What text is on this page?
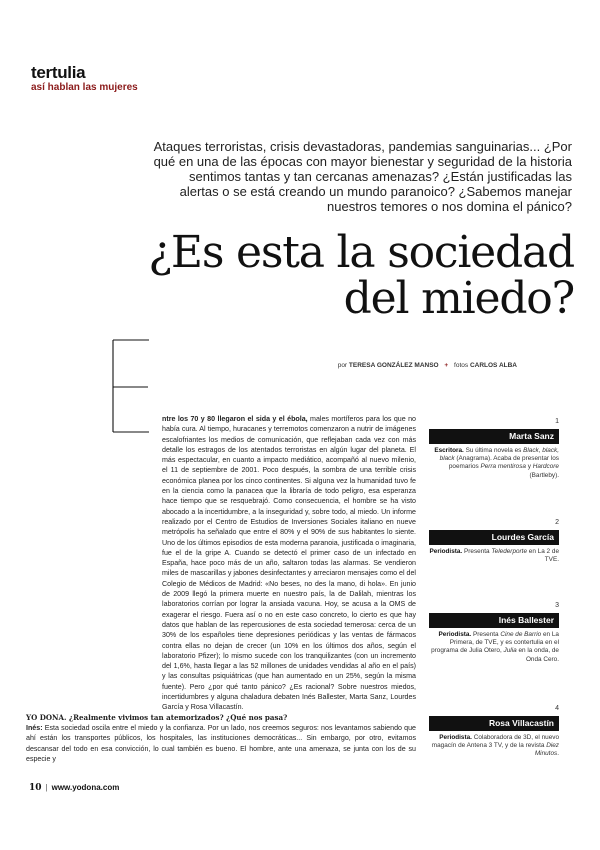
tertulia
así hablan las mujeres
Ataques terroristas, crisis devastadoras, pandemias sanguinarias... ¿Por qué en una de las épocas con mayor bienestar y seguridad de la historia sentimos tantas y tan cercanas amenazas? ¿Están justificadas las alertas o se está creando un mundo paranoico? ¿Sabemos manejar nuestros temores o nos domina el pánico?
¿Es esta la sociedad
del miedo?
por TERESA GONZÁLEZ MANSO + fotos CARLOS ALBA

ntre los 70 y 80 llegaron el sida y el ébola, males mortíferos para los que no había cura. Al tiempo, huracanes y terremotos comenzaron a nutrir de imágenes escalofriantes los medios de comunicación, que reflejaban cada vez con más detalle los estragos de los atentados terroristas en algún lugar del planeta. El más espectacular, en cuanto a impacto mediático, acompañó al nuevo milenio, el 11 de septiembre de 2001. Poco después, la sombra de una terrible crisis económica planea por los cinco continentes. Si alguna vez la humanidad tuvo fe en la ciencia como la panacea que la libraría de todo peligro, esa esperanza hace tiempo que se resquebrajó. Como consecuencia, el hombre se ha visto abocado a la incertidumbre, a la inseguridad y, sobre todo, al miedo. Un informe realizado por el Centro de Estudios de Inversiones Sociales italiano en nueve metrópolis ha señalado que entre el 80% y el 90% de sus habitantes lo siente. Uno de los últimos episodios de esta moderna paranoia, justificada o imaginaria, fue el de la gripe A. Cuando se detectó el primer caso de un infectado en España, hace poco más de un año, saltaron todas las alarmas. Se vendieron miles de mascarillas y jabones desinfectantes y arreciaron mensajes como el del Colegio de Médicos de Madrid: «No beses, no des la mano, di hola». En junio de 2009 llegó la primera muerte en nuestro país, la de Dalilah, mientras los laboratorios corrían por lograr la ansiada vacuna. Hoy, se acusa a la OMS de exagerar el riesgo. Fuera así o no en este caso concreto, lo cierto es que hay datos que hablan de las repercusiones de esta sociedad temerosa: cerca de un 30% de los españoles tiene depresiones periódicas y las ventas de fármacos contra ellas no dejan de crecer (un 10% en los últimos dos años, según el laboratorio Pfizer); lo mismo sucede con los tranquilizantes (con un incremento del 1,6%, hasta llegar a las 52 millones de unidades vendidas al año en el país) y las consultas psiquiátricas (que han aumentado en un 25%, según la misma fuente). Pero ¿por qué tanto pánico? ¿Es racional? Sobre nuestros miedos, incertidumbres y alguna chaladura debaten Inés Ballester, Marta Sanz, Lourdes García y Rosa Villacastín.

YO DONA. ¿Realmente vivimos tan atemorizados? ¿Qué nos pasa?

Inés: Esta sociedad oscila entre el miedo y la confianza. Por un lado, nos creemos seguros: nos levantamos sabiendo que ahí están los transportes públicos, los hospitales, las instituciones democráticas... Sin embargo, por otro, evitamos descansar del todo en esa convicción, lo cual también es bueno. El hombre, ante una amenaza, se junta con los de su especie y

1
Marta Sanz
Escritora. Su última novela es Black, black, black (Anagrama). Acaba de presentar los poemarios Perra mentirosa y Hardcore (Bartleby).
2
Lourdes García
Periodista. Presenta Telederporte en La 2 de TVE.
3
Inés Ballester
Periodista. Presenta Cine de Barrio en La Primera, de TVE, y es contertulia en el programa de Julia Otero, Julia en la onda, de Onda Cero.
4
Rosa Villacastín
Periodista. Colaboradora de 3D, el nuevo magacín de Antena 3 TV, y de la revista Diez Minutos.
10 | www.yodona.com
